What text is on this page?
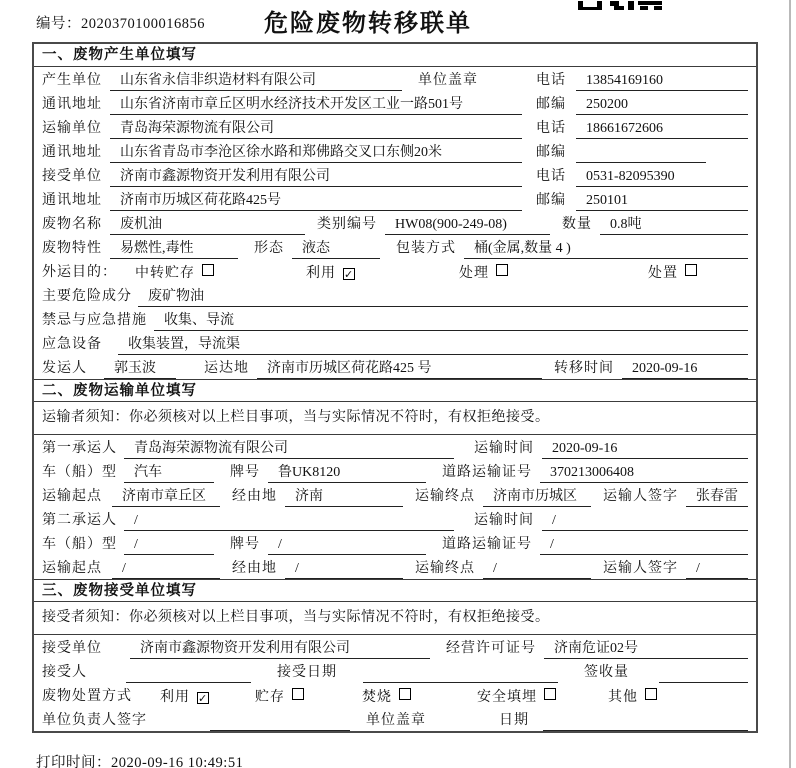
编号：2020370100016856	危险废物转移联单
一、废物产生单位填写
产生单位	山东省永信非织造材料有限公司	单位盖章	电话	13854169160
通讯地址	山东省济南市章丘区明水经济技术开发区工业一路501号	邮编	250200
运输单位	青岛海荣源物流有限公司	电话	18661672606
通讯地址	山东省青岛市李沧区徐水路和郑佛路交叉口东侧20米	邮编
接受单位	济南市鑫源物资开发利用有限公司	电话	0531-82095390
通讯地址	济南市历城区荷花路425号	邮编	250101
废物名称	废机油	类别编号	HW08(900-249-08)	数量	0.8吨
废物特性	易燃性,毒性	形态	液态	包装方式	桶(金属,数量 4 )
外运目的： 中转贮存	利用 ✓	处理	处置
主要危险成分	废矿物油
禁忌与应急措施	收集、导流
应急设备	收集装置，导流渠
发运人	郭玉波	运达地	济南市历城区荷花路425 号	转移时间	2020-09-16
二、废物运输单位填写
运输者须知：你必须核对以上栏目事项，当与实际情况不符时，有权拒绝接受。
第一承运人	青岛海荣源物流有限公司	运输时间	2020-09-16
车（船）型	汽车	牌号	鲁UK8120	道路运输证号	370213006408
运输起点	济南市章丘区	经由地	济南	运输终点	济南市历城区	运输人签字	张春雷
第二承运人	/	运输时间	/
车（船）型	/	牌号	/	道路运输证号	/
运输起点	/	经由地	/	运输终点	/	运输人签字	/
三、废物接受单位填写
接受者须知：你必须核对以上栏目事项，当与实际情况不符时，有权拒绝接受。
接受单位	济南市鑫源物资开发利用有限公司	经营许可证号	济南危证02号
接受人	接受日期	签收量
废物处置方式 利用 ✓	贮存	焚烧	安全填埋	其他
单位负责人签字	单位盖章	日期
打印时间：2020-09-16 10:49:51
